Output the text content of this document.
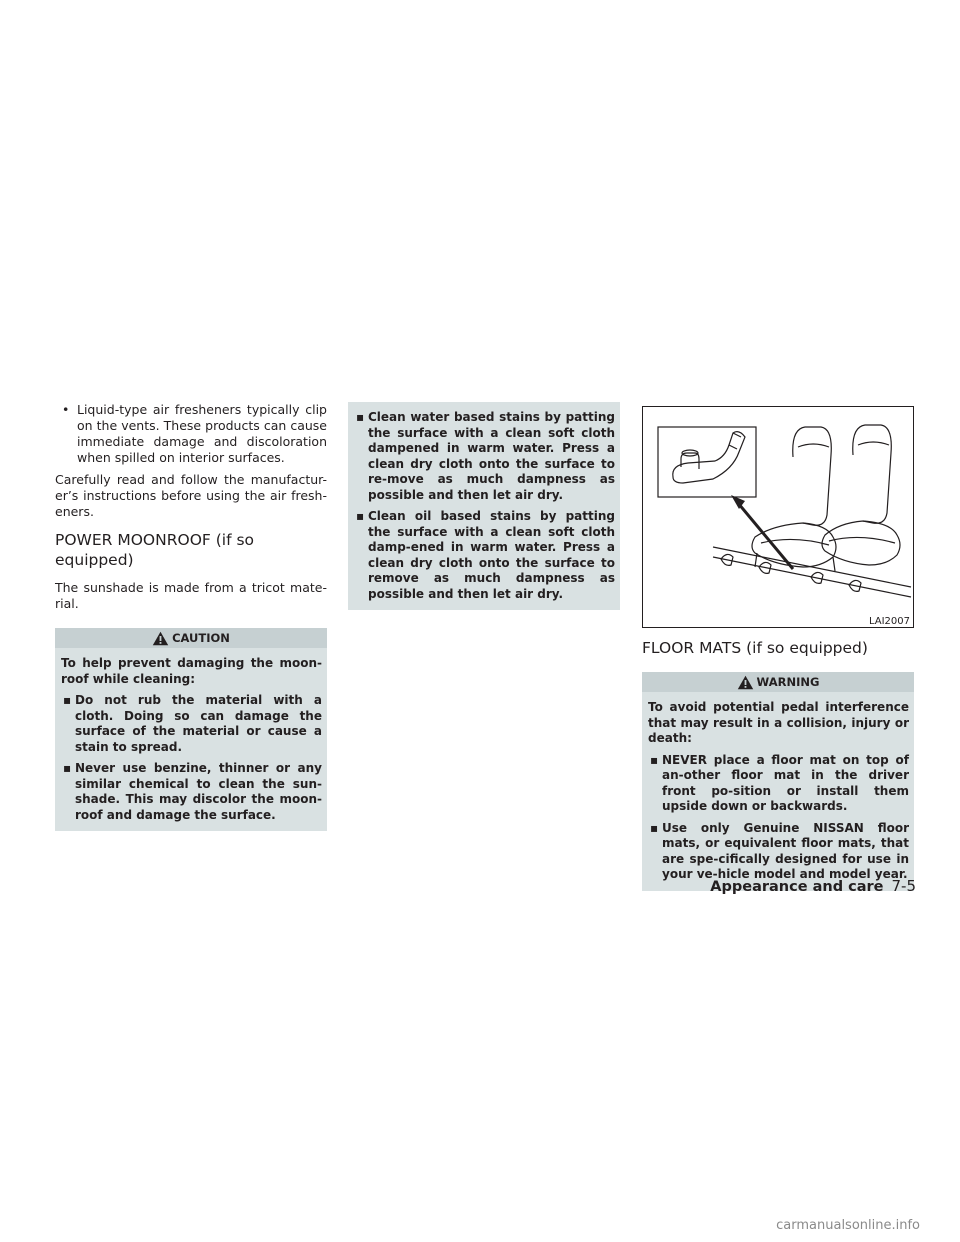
• Liquid-type air fresheners typically clip on the vents. These products can cause immediate damage and discoloration when spilled on interior surfaces.

Carefully read and follow the manufactur-er’s instructions before using the air fresh-eners.

POWER MOONROOF (if so
equipped)

The sunshade is made from a tricot mate-rial.

CAUTION

To help prevent damaging the moon-roof while cleaning:

▪ Do not rub the material with a cloth. Doing so can damage the surface of the material or cause a stain to spread.
▪ Never use benzine, thinner or any similar chemical to clean the sun-shade. This may discolor the moon-roof and damage the surface.
▪ Clean water based stains by patting the surface with a clean soft cloth dampened in warm water. Press a clean dry cloth onto the surface to re-move as much dampness as possible and then let air dry.
▪ Clean oil based stains by patting the surface with a clean soft cloth damp-ened in warm water. Press a clean dry cloth onto the surface to remove as much dampness as possible and then let air dry.
LAI2007
FLOOR MATS (if so equipped)
WARNING

To avoid potential pedal interference that may result in a collision, injury or death:

▪ NEVER place a floor mat on top of an-other floor mat in the driver front po-sition or install them upside down or backwards.
▪ Use only Genuine NISSAN floor mats, or equivalent floor mats, that are spe-cifically designed for use in your ve-hicle model and model year.
Appearance and care 7-5
carmanualsonline.info
